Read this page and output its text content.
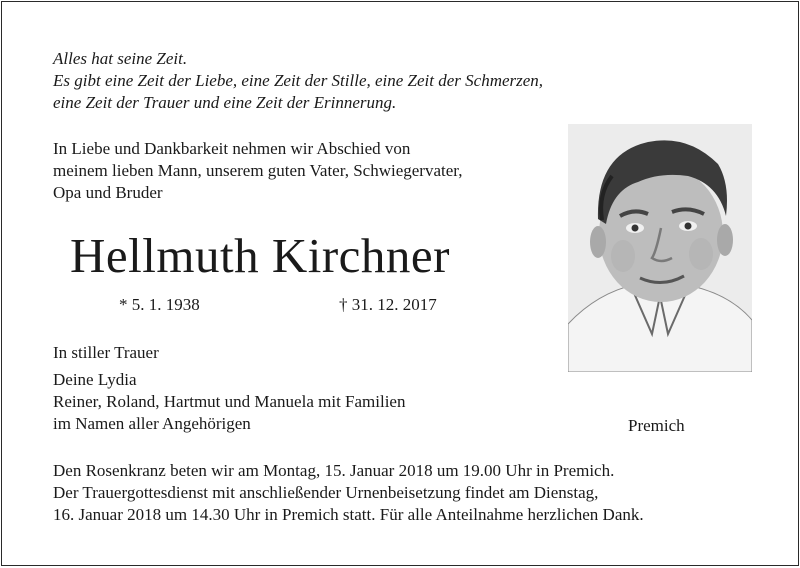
Alles hat seine Zeit.
Es gibt eine Zeit der Liebe, eine Zeit der Stille, eine Zeit der Schmerzen,
eine Zeit der Trauer und eine Zeit der Erinnerung.
In Liebe und Dankbarkeit nehmen wir Abschied von
meinem lieben Mann, unserem guten Vater, Schwiegervater,
Opa und Bruder
Hellmuth Kirchner
* 5. 1. 1938	† 31. 12. 2017
In stiller Trauer
Deine Lydia
Reiner, Roland, Hartmut und Manuela mit Familien
im Namen aller Angehörigen	Premich
Den Rosenkranz beten wir am Montag, 15. Januar 2018 um 19.00 Uhr in Premich.
Der Trauergottesdienst mit anschließender Urnenbeisetzung findet am Dienstag,
16. Januar 2018 um 14.30 Uhr in Premich statt. Für alle Anteilnahme herzlichen Dank.
